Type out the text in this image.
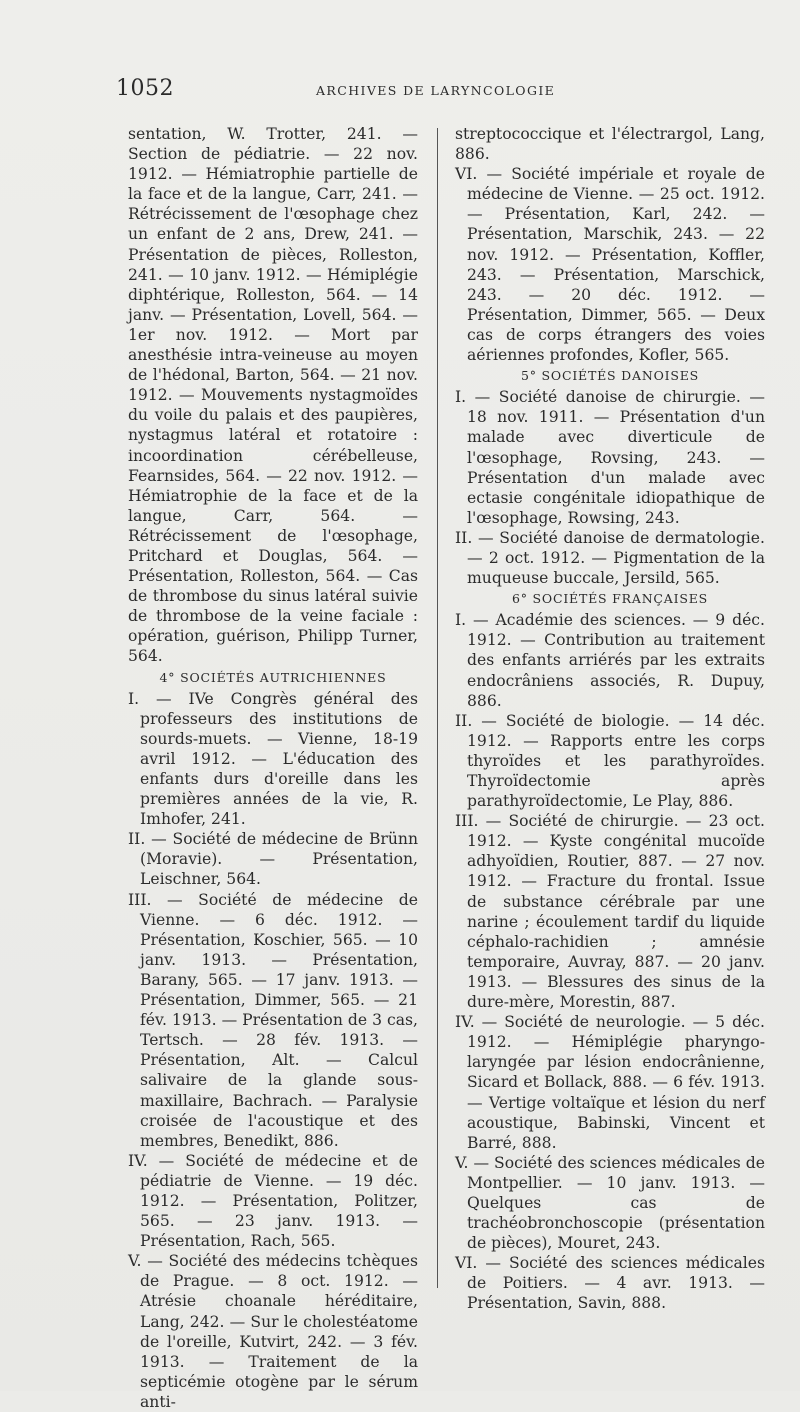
1052	ARCHIVES DE LARYNCOLOGIE

sentation, W. Trotter, 241. — Section de pédiatrie. — 22 nov. 1912. — Hémiatrophie partielle de la face et de la langue, Carr, 241. — Rétrécissement de l'œsophage chez un enfant de 2 ans, Drew, 241. — Présentation de pièces, Rolleston, 241. — 10 janv. 1912. — Hémiplégie diphtérique, Rolleston, 564. — 14 janv. — Présentation, Lovell, 564. — 1er nov. 1912. — Mort par anesthésie intra-veineuse au moyen de l'hédonal, Barton, 564. — 21 nov. 1912. — Mouvements nystagmoïdes du voile du palais et des paupières, nystagmus latéral et rotatoire : incoordination cérébelleuse, Fearnsides, 564. — 22 nov. 1912. — Hémiatrophie de la face et de la langue, Carr, 564. — Rétrécissement de l'œsophage, Pritchard et Douglas, 564. — Présentation, Rolleston, 564. — Cas de thrombose du sinus latéral suivie de thrombose de la veine faciale : opération, guérison, Philipp Turner, 564.

4° SOCIÉTÉS AUTRICHIENNES

I. — IVe Congrès général des professeurs des institutions de sourds-muets. — Vienne, 18-19 avril 1912. — L'éducation des enfants durs d'oreille dans les premières années de la vie, R. Imhofer, 241.

II. — Société de médecine de Brünn (Moravie). — Présentation, Leischner, 564.

III. — Société de médecine de Vienne. — 6 déc. 1912. — Présentation, Koschier, 565. — 10 janv. 1913. — Présentation, Barany, 565. — 17 janv. 1913. — Présentation, Dimmer, 565. — 21 fév. 1913. — Présentation de 3 cas, Tertsch. — 28 fév. 1913. — Présentation, Alt. — Calcul salivaire de la glande sous-maxillaire, Bachrach. — Paralysie croisée de l'acoustique et des membres, Benedikt, 886.

IV. — Société de médecine et de pédiatrie de Vienne. — 19 déc. 1912. — Présentation, Politzer, 565. — 23 janv. 1913. — Présentation, Rach, 565.

V. — Société des médecins tchèques de Prague. — 8 oct. 1912. — Atrésie choanale héréditaire, Lang, 242. — Sur le cholestéatome de l'oreille, Kutvirt, 242. — 3 fév. 1913. — Traitement de la septicémie otogène par le sérum anti-

streptococcique et l'électrargol, Lang, 886.

VI. — Société impériale et royale de médecine de Vienne. — 25 oct. 1912. — Présentation, Karl, 242. — Présentation, Marschik, 243. — 22 nov. 1912. — Présentation, Koffler, 243. — Présentation, Marschick, 243. — 20 déc. 1912. — Présentation, Dimmer, 565. — Deux cas de corps étrangers des voies aériennes profondes, Kofler, 565.

5° SOCIÉTÉS DANOISES

I. — Société danoise de chirurgie. — 18 nov. 1911. — Présentation d'un malade avec diverticule de l'œsophage, Rovsing, 243. — Présentation d'un malade avec ectasie congénitale idiopathique de l'œsophage, Rowsing, 243.

II. — Société danoise de dermatologie. — 2 oct. 1912. — Pigmentation de la muqueuse buccale, Jersild, 565.

6° SOCIÉTÉS FRANÇAISES

I. — Académie des sciences. — 9 déc. 1912. — Contribution au traitement des enfants arriérés par les extraits endocrâniens associés, R. Dupuy, 886.

II. — Société de biologie. — 14 déc. 1912. — Rapports entre les corps thyroïdes et les parathyroïdes. Thyroïdectomie après parathyroïdectomie, Le Play, 886.

III. — Société de chirurgie. — 23 oct. 1912. — Kyste congénital mucoïde adhyoïdien, Routier, 887. — 27 nov. 1912. — Fracture du frontal. Issue de substance cérébrale par une narine ; écoulement tardif du liquide céphalo-rachidien ; amnésie temporaire, Auvray, 887. — 20 janv. 1913. — Blessures des sinus de la dure-mère, Morestin, 887.

IV. — Société de neurologie. — 5 déc. 1912. — Hémiplégie pharyngo-laryngée par lésion endocrânienne, Sicard et Bollack, 888. — 6 fév. 1913. — Vertige voltaïque et lésion du nerf acoustique, Babinski, Vincent et Barré, 888.

V. — Société des sciences médicales de Montpellier. — 10 janv. 1913. — Quelques cas de trachéobronchoscopie (présentation de pièces), Mouret, 243.

VI. — Société des sciences médicales de Poitiers. — 4 avr. 1913. — Présentation, Savin, 888.
